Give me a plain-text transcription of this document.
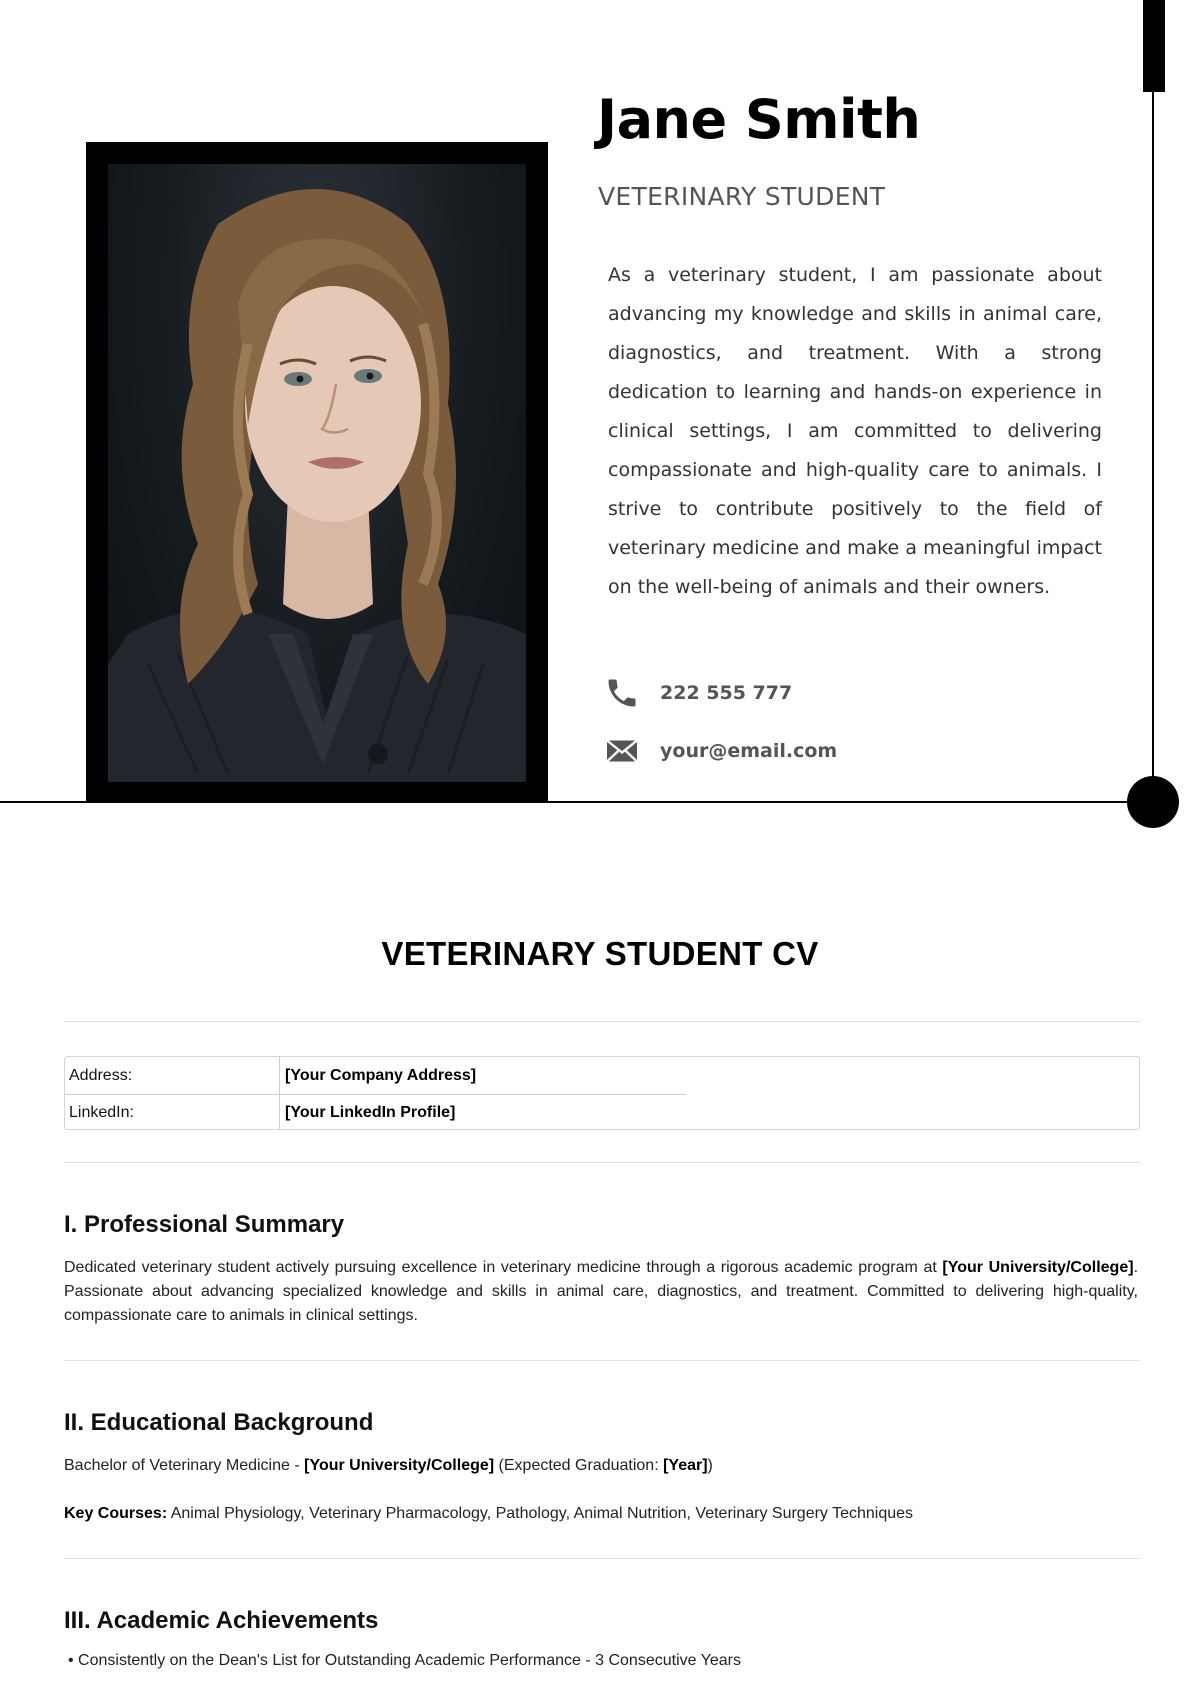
Jane Smith
VETERINARY STUDENT

As a veterinary student, I am passionate about advancing my knowledge and skills in animal care, diagnostics, and treatment. With a strong dedication to learning and hands-on experience in clinical settings, I am committed to delivering compassionate and high-quality care to animals. I strive to contribute positively to the field of veterinary medicine and make a meaningful impact on the well-being of animals and their owners.

222 555 777
your@email.com
VETERINARY STUDENT CV
Address:	[Your Company Address]
LinkedIn:	[Your LinkedIn Profile]
I. Professional Summary

Dedicated veterinary student actively pursuing excellence in veterinary medicine through a rigorous academic program at [Your University/College]. Passionate about advancing specialized knowledge and skills in animal care, diagnostics, and treatment. Committed to delivering high-quality, compassionate care to animals in clinical settings.

II. Educational Background

Bachelor of Veterinary Medicine - [Your University/College] (Expected Graduation: [Year])

Key Courses: Animal Physiology, Veterinary Pharmacology, Pathology, Animal Nutrition, Veterinary Surgery Techniques

III. Academic Achievements
• Consistently on the Dean's List for Outstanding Academic Performance - 3 Consecutive Years
